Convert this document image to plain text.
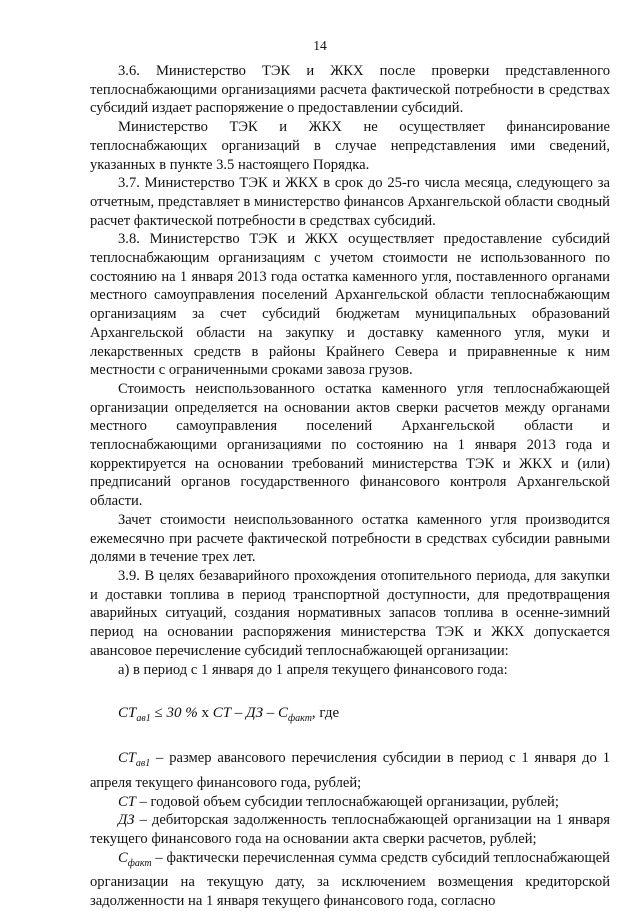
14

3.6. Министерство ТЭК и ЖКХ после проверки представленного теплоснабжающими организациями расчета фактической потребности в средствах субсидий издает распоряжение о предоставлении субсидий.

Министерство ТЭК и ЖКХ не осуществляет финансирование теплоснабжающих организаций в случае непредставления ими сведений, указанных в пункте 3.5 настоящего Порядка.

3.7. Министерство ТЭК и ЖКХ в срок до 25-го числа месяца, следующего за отчетным, представляет в министерство финансов Архангельской области сводный расчет фактической потребности в средствах субсидий.

3.8. Министерство ТЭК и ЖКХ осуществляет предоставление субсидий теплоснабжающим организациям с учетом стоимости не использованного по состоянию на 1 января 2013 года остатка каменного угля, поставленного органами местного самоуправления поселений Архангельской области теплоснабжающим организациям за счет субсидий бюджетам муниципальных образований Архангельской области на закупку и доставку каменного угля, муки и лекарственных средств в районы Крайнего Севера и приравненные к ним местности с ограниченными сроками завоза грузов.

Стоимость неиспользованного остатка каменного угля теплоснабжающей организации определяется на основании актов сверки расчетов между органами местного самоуправления поселений Архангельской области и теплоснабжающими организациями по состоянию на 1 января 2013 года и корректируется на основании требований министерства ТЭК и ЖКХ и (или) предписаний органов государственного финансового контроля Архангельской области.

Зачет стоимости неиспользованного остатка каменного угля производится ежемесячно при расчете фактической потребности в средствах субсидии равными долями в течение трех лет.

3.9. В целях безаварийного прохождения отопительного периода, для закупки и доставки топлива в период транспортной доступности, для предотвращения аварийных ситуаций, создания нормативных запасов топлива в осенне-зимний период на основании распоряжения министерства ТЭК и ЖКХ допускается авансовое перечисление субсидий теплоснабжающей организации:

а) в период с 1 января до 1 апреля текущего финансового года:

$СТ_{ав1} \le 30$ % x СТ – ДЗ – $С_{факт}$, где

$СТ_{ав1}$ – размер авансового перечисления субсидии в период с 1 января до 1 апреля текущего финансового года, рублей;

СТ – годовой объем субсидии теплоснабжающей организации, рублей;

ДЗ – дебиторская задолженность теплоснабжающей организации на 1 января текущего финансового года на основании акта сверки расчетов, рублей;

$С_{факт}$ – фактически перечисленная сумма средств субсидий теплоснабжающей организации на текущую дату, за исключением возмещения кредиторской задолженности на 1 января текущего финансового года, согласно
